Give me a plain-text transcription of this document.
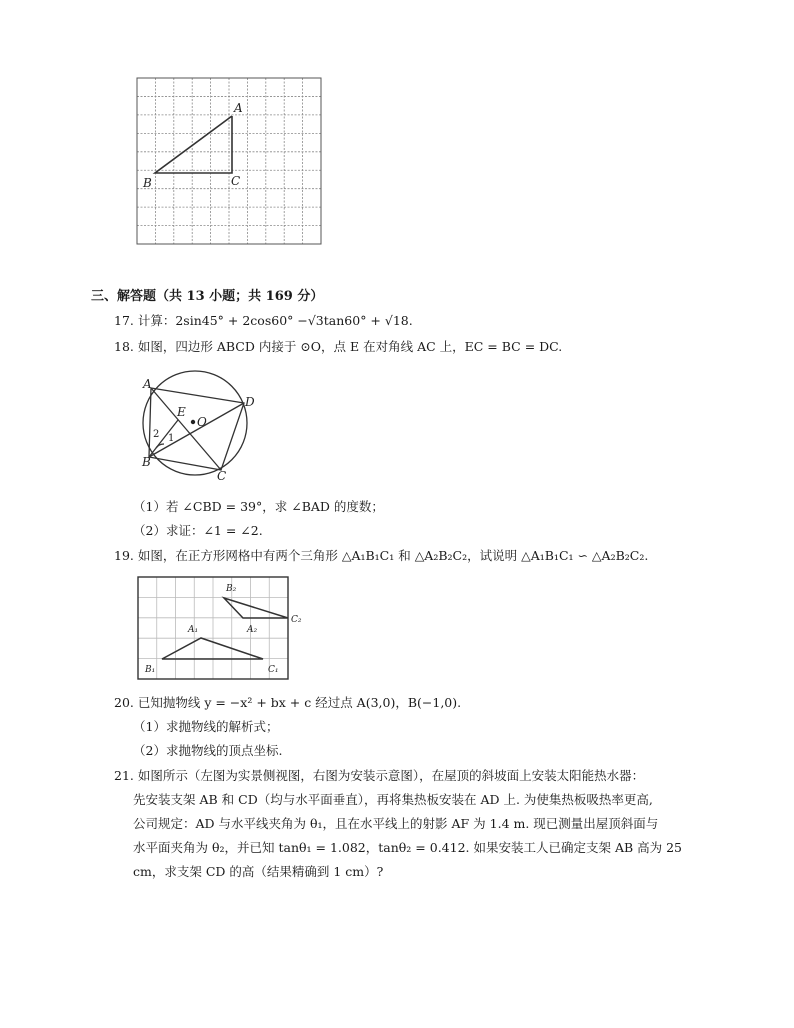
A
B	C
三、解答题（共 13 小题；共 169 分）
17. 计算：2sin45° + 2cos60° −√3tan60° + √18.
18. 如图，四边形 ABCD 内接于 ⊙O，点 E 在对角线 AC 上，EC = BC = DC.
A
D
E
O
B
C
1
2
（1）若 ∠CBD = 39°，求 ∠BAD 的度数；
（2）求证：∠1 = ∠2.
19. 如图，在正方形网格中有两个三角形 △A₁B₁C₁ 和 △A₂B₂C₂，试说明 △A₁B₁C₁ ∽ △A₂B₂C₂.
B₂
C₂
A₁	A₂
B₁	C₁
20. 已知抛物线 y = −x² + bx + c 经过点 A(3,0)，B(−1,0).
（1）求抛物线的解析式；
（2）求抛物线的顶点坐标.
21. 如图所示（左图为实景侧视图，右图为安装示意图），在屋顶的斜坡面上安装太阳能热水器：
先安装支架 AB 和 CD（均与水平面垂直），再将集热板安装在 AD 上. 为使集热板吸热率更高,
公司规定：AD 与水平线夹角为 θ₁，且在水平线上的射影 AF 为 1.4 m. 现已测量出屋顶斜面与
水平面夹角为 θ₂，并已知 tanθ₁ = 1.082，tanθ₂ = 0.412. 如果安装工人已确定支架 AB 高为 25
cm，求支架 CD 的高（结果精确到 1 cm）?
